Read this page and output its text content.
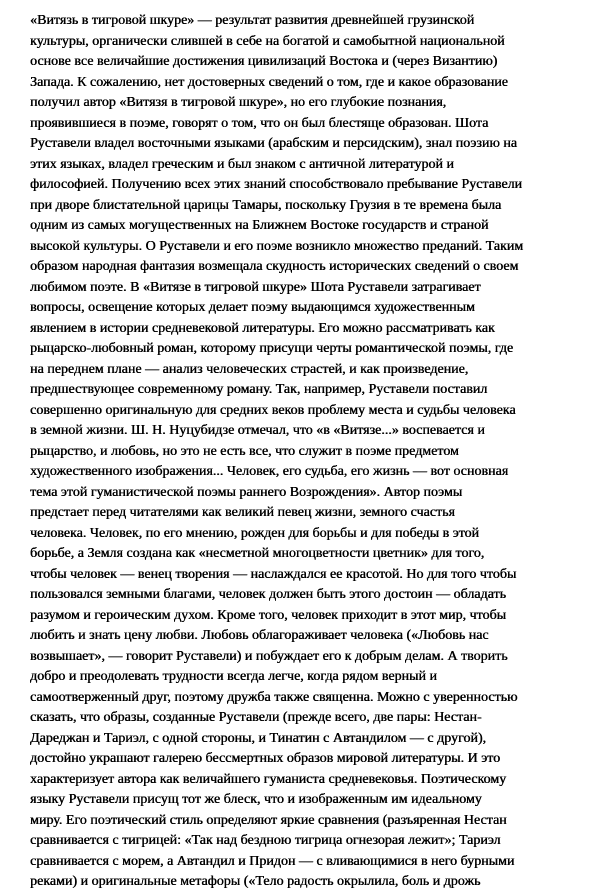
«Витязь в тигровой шкуре» — результат развития древнейшей грузинской
культуры, органически слившей в себе на богатой и самобытной национальной
основе все величайшие достижения цивилизаций Востока и (через Византию)
Запада. К сожалению, нет достоверных сведений о том, где и какое образование
получил автор «Витязя в тигровой шкуре», но его глубокие познания,
проявившиеся в поэме, говорят о том, что он был блестяще образован. Шота
Руставели владел восточными языками (арабским и персидским), знал поэзию на
этих языках, владел греческим и был знаком с античной литературой и
философией. Получению всех этих знаний способствовало пребывание Руставели
при дворе блистательной царицы Тамары, поскольку Грузия в те времена была
одним из самых могущественных на Ближнем Востоке государств и страной
высокой культуры. О Руставели и его поэме возникло множество преданий. Таким
образом народная фантазия возмещала скудность исторических сведений о своем
любимом поэте. В «Витязе в тигровой шкуре» Шота Руставели затрагивает
вопросы, освещение которых делает поэму выдающимся художественным
явлением в истории средневековой литературы. Его можно рассматривать как
рыцарско-любовный роман, которому присущи черты романтической поэмы, где
на переднем плане — анализ человеческих страстей, и как произведение,
предшествующее современному роману. Так, например, Руставели поставил
совершенно оригинальную для средних веков проблему места и судьбы человека
в земной жизни. Ш. Н. Нуцубидзе отмечал, что «в «Витязе...» воспевается и
рыцарство, и любовь, но это не есть все, что служит в поэме предметом
художественного изображения... Человек, его судьба, его жизнь — вот основная
тема этой гуманистической поэмы раннего Возрождения». Автор поэмы
предстает перед читателями как великий певец жизни, земного счастья
человека. Человек, по его мнению, рожден для борьбы и для победы в этой
борьбе, а Земля создана как «несметной многоцветности цветник» для того,
чтобы человек — венец творения — наслаждался ее красотой. Но для того чтобы
пользовался земными благами, человек должен быть этого достоин — обладать
разумом и героическим духом. Кроме того, человек приходит в этот мир, чтобы
любить и знать цену любви. Любовь облагораживает человека («Любовь нас
возвышает», — говорит Руставели) и побуждает его к добрым делам. А творить
добро и преодолевать трудности всегда легче, когда рядом верный и
самоотверженный друг, поэтому дружба также священна. Можно с уверенностью
сказать, что образы, созданные Руставели (прежде всего, две пары: Нестан-
Дареджан и Тариэл, с одной стороны, и Тинатин с Автандилом — с другой),
достойно украшают галерею бессмертных образов мировой литературы. И это
характеризует автора как величайшего гуманиста средневековья. Поэтическому
языку Руставели присущ тот же блеск, что и изображенным им идеальному
миру. Его поэтический стиль определяют яркие сравнения (разъяренная Нестан
сравнивается с тигрицей: «Так над бездною тигрица огнезорая лежит»; Тариэл
сравнивается с морем, а Автандил и Придон — с вливающимися в него бурными
реками) и оригинальные метафоры («Тело радость окрылила, боль и дрожь
